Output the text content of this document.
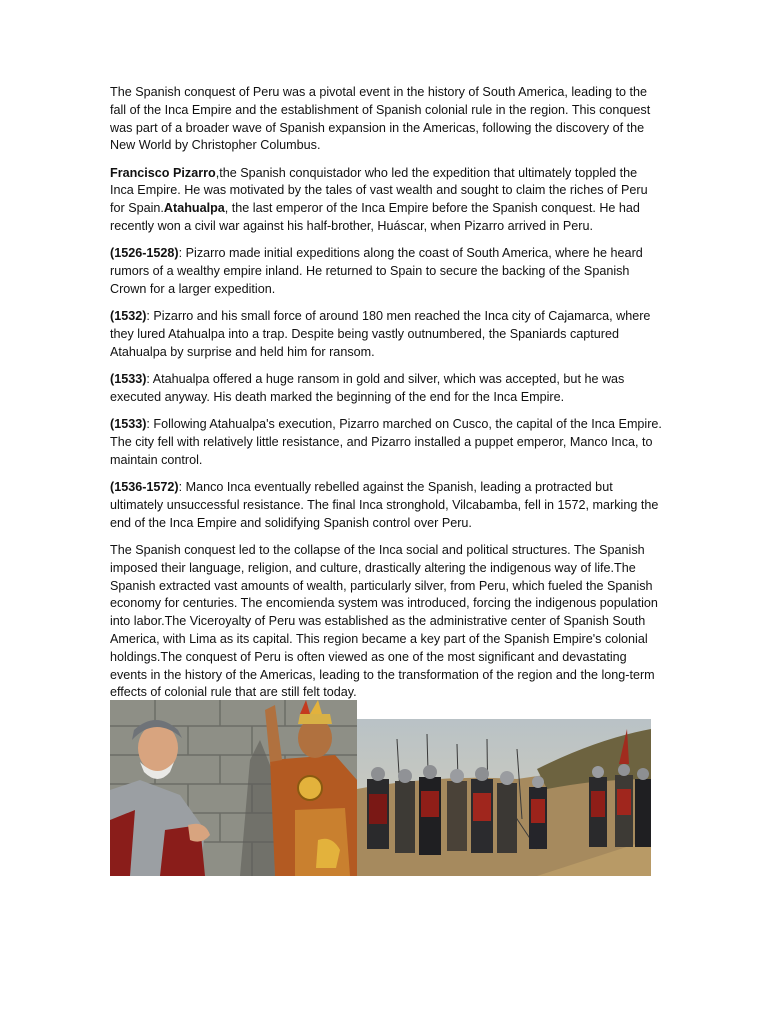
The Spanish conquest of Peru was a pivotal event in the history of South America, leading to the fall of the Inca Empire and the establishment of Spanish colonial rule in the region. This conquest was part of a broader wave of Spanish expansion in the Americas, following the discovery of the New World by Christopher Columbus.

Francisco Pizarro,the Spanish conquistador who led the expedition that ultimately toppled the Inca Empire. He was motivated by the tales of vast wealth and sought to claim the riches of Peru for Spain.Atahualpa, the last emperor of the Inca Empire before the Spanish conquest. He had recently won a civil war against his half-brother, Huáscar, when Pizarro arrived in Peru.

(1526-1528): Pizarro made initial expeditions along the coast of South America, where he heard rumors of a wealthy empire inland. He returned to Spain to secure the backing of the Spanish Crown for a larger expedition.

(1532): Pizarro and his small force of around 180 men reached the Inca city of Cajamarca, where they lured Atahualpa into a trap. Despite being vastly outnumbered, the Spaniards captured Atahualpa by surprise and held him for ransom.

(1533): Atahualpa offered a huge ransom in gold and silver, which was accepted, but he was executed anyway. His death marked the beginning of the end for the Inca Empire.

(1533): Following Atahualpa's execution, Pizarro marched on Cusco, the capital of the Inca Empire. The city fell with relatively little resistance, and Pizarro installed a puppet emperor, Manco Inca, to maintain control.

(1536-1572): Manco Inca eventually rebelled against the Spanish, leading a protracted but ultimately unsuccessful resistance. The final Inca stronghold, Vilcabamba, fell in 1572, marking the end of the Inca Empire and solidifying Spanish control over Peru.

The Spanish conquest led to the collapse of the Inca social and political structures. The Spanish imposed their language, religion, and culture, drastically altering the indigenous way of life.The Spanish extracted vast amounts of wealth, particularly silver, from Peru, which fueled the Spanish economy for centuries. The encomienda system was introduced, forcing the indigenous population into labor.The Viceroyalty of Peru was established as the administrative center of Spanish South America, with Lima as its capital. This region became a key part of the Spanish Empire's colonial holdings.The conquest of Peru is often viewed as one of the most significant and devastating events in the history of the Americas, leading to the transformation of the region and the long-term effects of colonial rule that are still felt today.
